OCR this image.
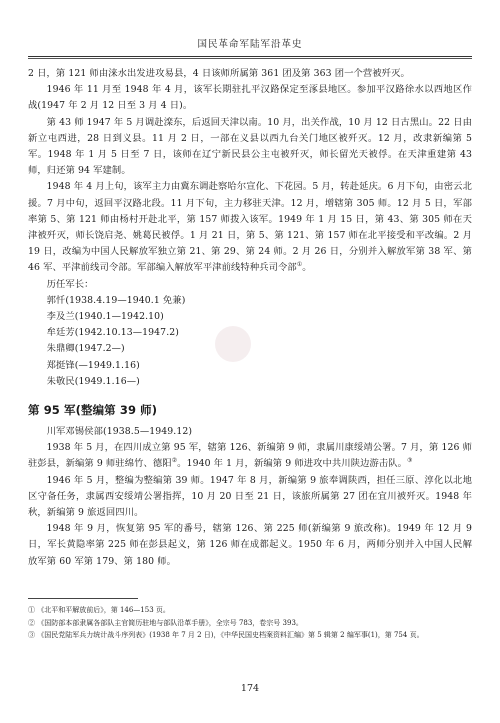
国民革命军陆军沿革史

2 日，第 121 师由涞水出发进攻易县，4 日该师所属第 361 团及第 363 团一个营被歼灭。

1946 年 11 月至 1948 年 4 月，该军长期驻扎平汉路保定至涿县地区。参加平汉路徐水以西地区作战(1947 年 2 月 12 日至 3 月 4 日)。

第 43 师 1947 年 5 月调赴滦东，后返回天津以南。10 月，出关作战，10 月 12 日古黑山。22 日由新立屯西进，28 日到义县。11 月 2 日，一部在义县以西九台关门地区被歼灭。12 月，改隶新编第 5 军。1948 年 1 月 5 日至 7 日，该师在辽宁新民县公主屯被歼灭，师长留光天被俘。在天津重建第 43 师，归还第 94 军建制。

1948 年 4 月上旬，该军主力由冀东调赴察哈尔宣化、下花园。5 月，转赴延庆。6 月下旬，由密云北援。7 月中旬，返回平汉路北段。11 月下旬，主力移驻天津。12 月，增辖第 305 师。12 月 5 日，军部率第 5、第 121 师由杨村开赴北平，第 157 师拨入该军。1949 年 1 月 15 日，第 43、第 305 师在天津被歼灭，师长饶启尧、姚葛民被俘。1 月 21 日，第 5、第 121、第 157 师在北平接受和平改编。2 月 19 日，改编为中国人民解放军独立第 21、第 29、第 24 师。2 月 26 日，分别并入解放军第 38 军、第 46 军、平津前线司令部。军部编入解放军平津前线特种兵司令部①。

历任军长：
郭忏(1938.4.19—1940.1 免兼)
李及兰(1940.1—1942.10)
牟廷芳(1942.10.13—1947.2)
朱鼎卿(1947.2—)
郑挺锋(—1949.1.16)
朱敬民(1949.1.16—)
第 95 军(整编第 39 师)

川军邓锡侯部(1938.5—1949.12)

1938 年 5 月，在四川成立第 95 军，辖第 126、新编第 9 师，隶属川康绥靖公署。7 月，第 126 师驻彭县，新编第 9 师驻绵竹、德阳②。1940 年 1 月，新编第 9 师进攻中共川陕边游击队。③

1946 年 5 月，整编为整编第 39 师。1947 年 8 月，新编第 9 旅奉调陕西，担任三原、淳化以北地区守备任务，隶属西安绥靖公署指挥，10 月 20 日至 21 日，该旅所属第 27 团在宜川被歼灭。1948 年秋，新编第 9 旅返回四川。

1948 年 9 月，恢复第 95 军的番号，辖第 126、第 225 师(新编第 9 旅改称)。1949 年 12 月 9 日，军长黄隐率第 225 师在彭县起义，第 126 师在成都起义。1950 年 6 月，两师分别并入中国人民解放军第 60 军第 179、第 180 师。

① 《北平和平解放前后》，第 146—153 页。
② 《国防部本部隶属各部队主官简历驻地与部队沿革手册》，全宗号 783，卷宗号 393。
③ 《国民党陆军兵力统计战斗序列表》(1938 年 7 月 2 日)，《中华民国史档案资料汇编》第 5 辑第 2 编军事(1)，第 754 页。
174
